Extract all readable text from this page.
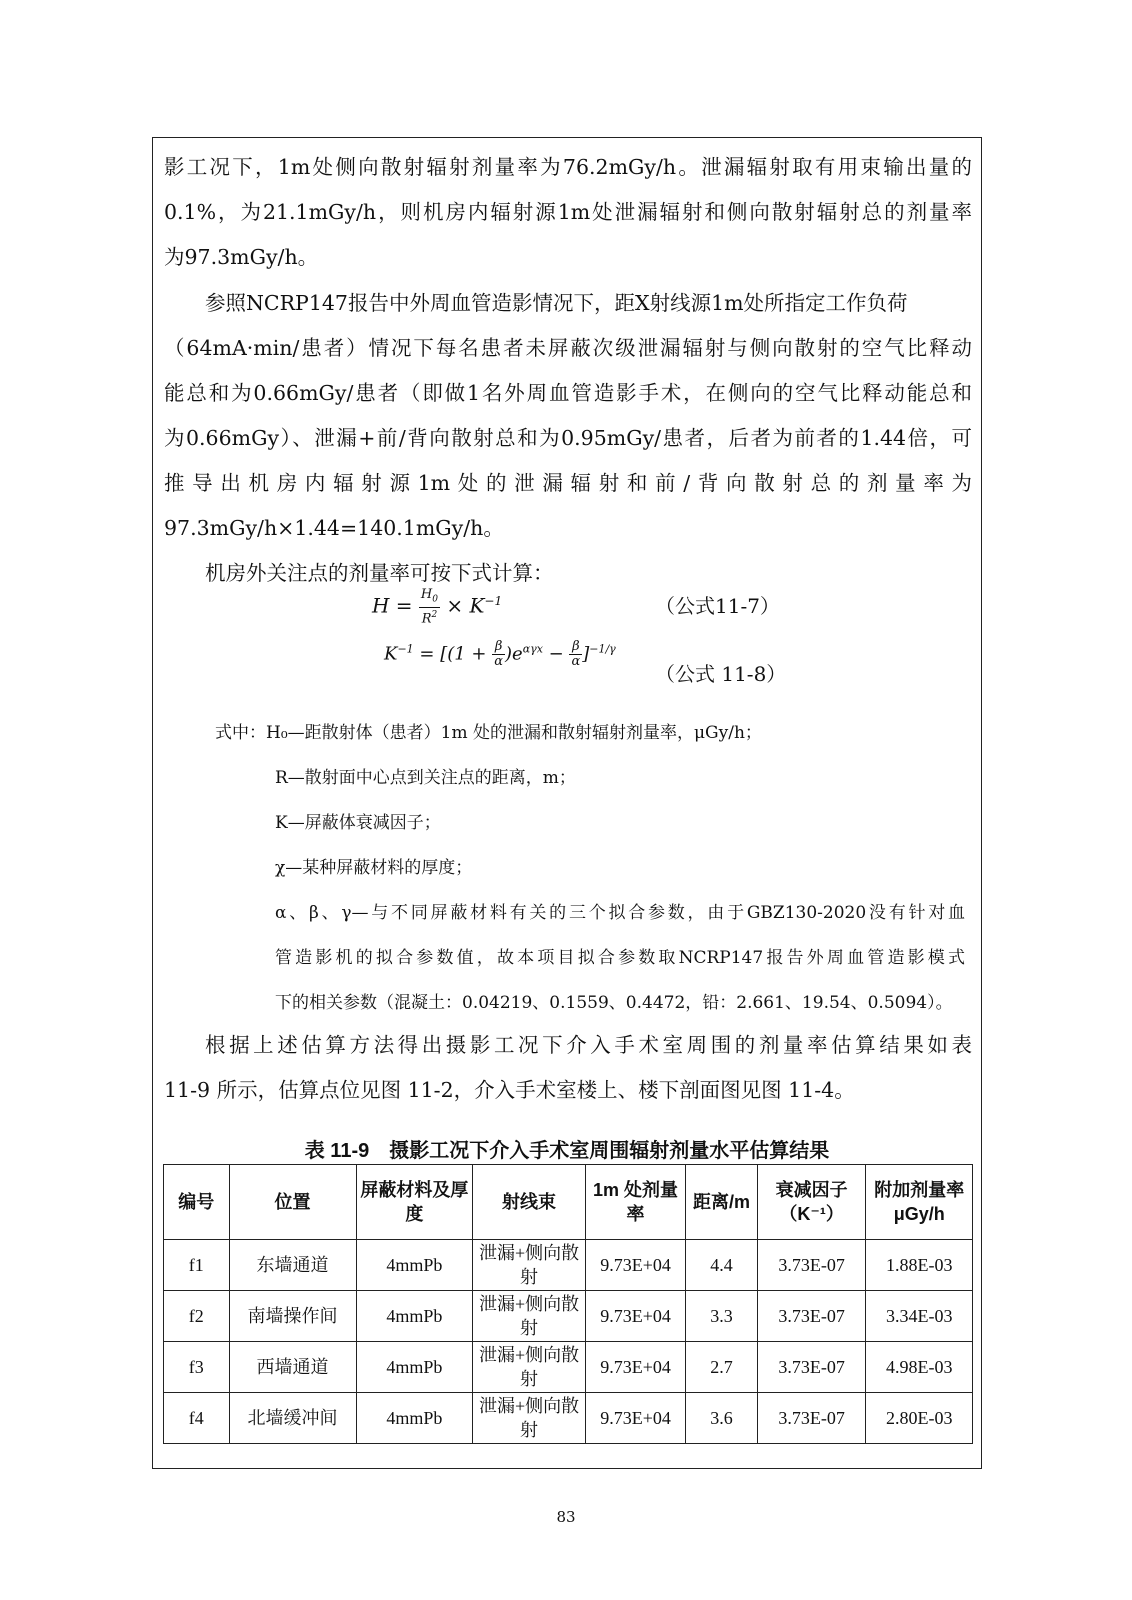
影工况下，1m处侧向散射辐射剂量率为76.2mGy/h。泄漏辐射取有用束输出量的
0.1%，为21.1mGy/h，则机房内辐射源1m处泄漏辐射和侧向散射辐射总的剂量率
为97.3mGy/h。
参照NCRP147报告中外周血管造影情况下，距X射线源1m处所指定工作负荷
（64mA·min/患者）情况下每名患者未屏蔽次级泄漏辐射与侧向散射的空气比释动
能总和为0.66mGy/患者（即做1名外周血管造影手术，在侧向的空气比释动能总和
为0.66mGy）、泄漏+前/背向散射总和为0.95mGy/患者，后者为前者的1.44倍，可
推导出机房内辐射源1m处的泄漏辐射和前/背向散射总的剂量率为
97.3mGy/h×1.44=140.1mGy/h。
机房外关注点的剂量率可按下式计算：
$H = \frac{H_0}{R^2} \times K^{-1}$	（公式11-7）
$K^{-1} = [(1 + \frac{\beta}{\alpha} )e^{\alpha\gamma x} - \frac{\beta}{\alpha} ]^{-1/\gamma}$
（公式 11-8）
式中：H₀—距散射体（患者）1m 处的泄漏和散射辐射剂量率，μGy/h；
R—散射面中心点到关注点的距离，m；
K—屏蔽体衰减因子；
χ—某种屏蔽材料的厚度；
α、β、γ—与不同屏蔽材料有关的三个拟合参数，由于GBZ130-2020没有针对血
管造影机的拟合参数值，故本项目拟合参数取NCRP147报告外周血管造影模式
下的相关参数（混凝土：0.04219、0.1559、0.4472，铅：2.661、19.54、0.5094）。
根据上述估算方法得出摄影工况下介入手术室周围的剂量率估算结果如表
11-9 所示，估算点位见图 11-2，介入手术室楼上、楼下剖面图见图 11-4。
表 11-9　摄影工况下介入手术室周围辐射剂量水平估算结果
编号	位置	屏蔽材料及厚度	射线束	1m 处剂量率	距离/m	衰减因子（K⁻¹）	附加剂量率μGy/h
f1	东墙通道	4mmPb	泄漏+侧向散射	9.73E+04	4.4	3.73E-07	1.88E-03
f2	南墙操作间	4mmPb	泄漏+侧向散射	9.73E+04	3.3	3.73E-07	3.34E-03
f3	西墙通道	4mmPb	泄漏+侧向散射	9.73E+04	2.7	3.73E-07	4.98E-03
f4	北墙缓冲间	4mmPb	泄漏+侧向散射	9.73E+04	3.6	3.73E-07	2.80E-03
83
